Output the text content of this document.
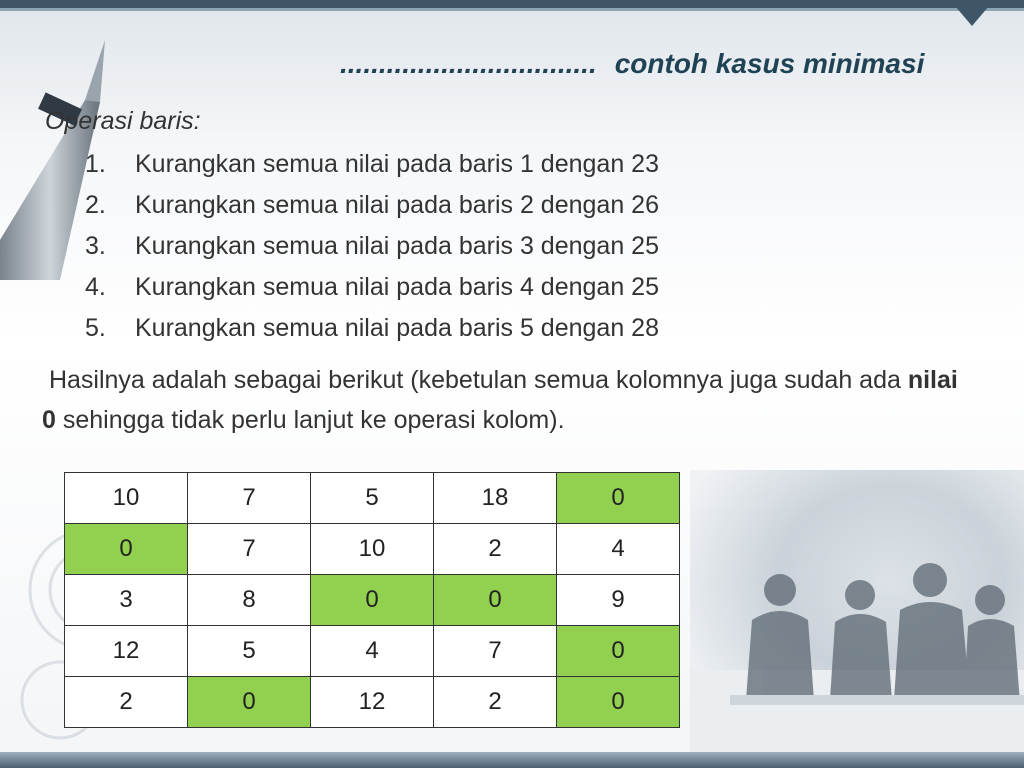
................................. contoh kasus minimasi
Operasi baris:
1. Kurangkan semua nilai pada baris 1 dengan 23
2. Kurangkan semua nilai pada baris 2 dengan 26
3. Kurangkan semua nilai pada baris 3 dengan 25
4. Kurangkan semua nilai pada baris 4 dengan 25
5. Kurangkan semua nilai pada baris 5 dengan 28
Hasilnya adalah sebagai berikut (kebetulan semua kolomnya juga sudah ada nilai 0 sehingga tidak perlu lanjut ke operasi kolom).
10	7	5	18	0
0	7	10	2	4
3	8	0	0	9
12	5	4	7	0
2	0	12	2	0
